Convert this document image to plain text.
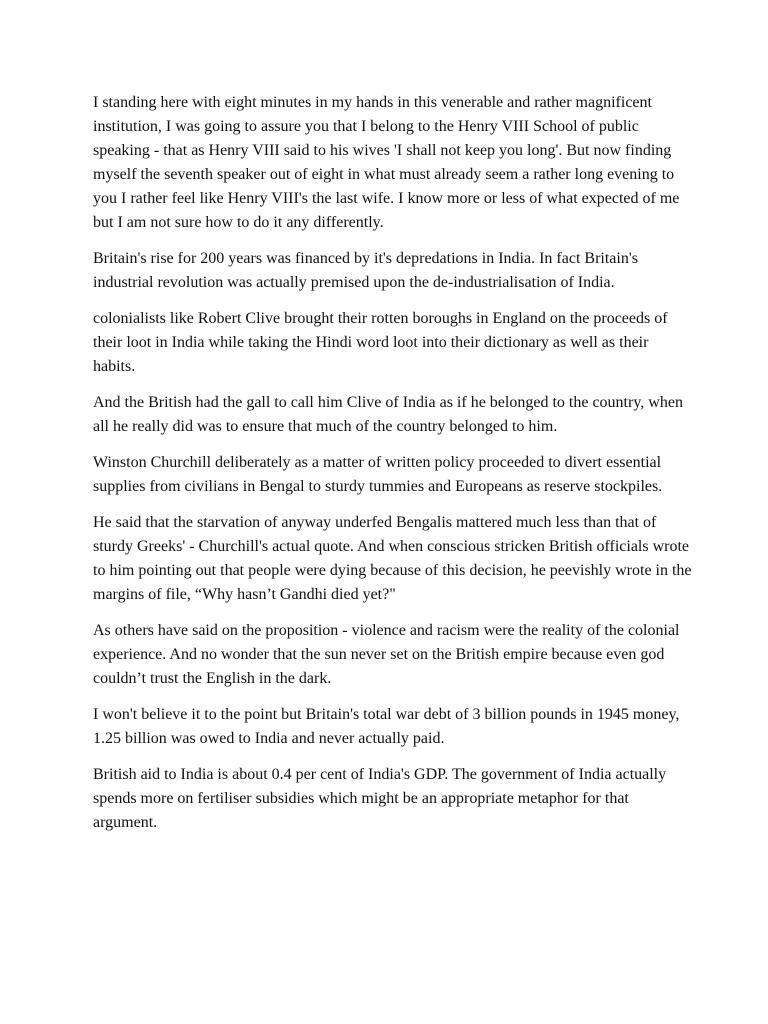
I standing here with eight minutes in my hands in this venerable and rather magnificent institution, I was going to assure you that I belong to the Henry VIII School of public speaking - that as Henry VIII said to his wives 'I shall not keep you long'. But now finding myself the seventh speaker out of eight in what must already seem a rather long evening to you I rather feel like Henry VIII's the last wife. I know more or less of what expected of me but I am not sure how to do it any differently.

Britain's rise for 200 years was financed by it's depredations in India. In fact Britain's industrial revolution was actually premised upon the de-industrialisation of India.

colonialists like Robert Clive brought their rotten boroughs in England on the proceeds of their loot in India while taking the Hindi word loot into their dictionary as well as their habits.

And the British had the gall to call him Clive of India as if he belonged to the country, when all he really did was to ensure that much of the country belonged to him.

Winston Churchill deliberately as a matter of written policy proceeded to divert essential supplies from civilians in Bengal to sturdy tummies and Europeans as reserve stockpiles.

He said that the starvation of anyway underfed Bengalis mattered much less than that of sturdy Greeks' - Churchill's actual quote. And when conscious stricken British officials wrote to him pointing out that people were dying because of this decision, he peevishly wrote in the margins of file, “Why hasn’t Gandhi died yet?"

As others have said on the proposition - violence and racism were the reality of the colonial experience. And no wonder that the sun never set on the British empire because even god couldn’t trust the English in the dark.

I won't believe it to the point but Britain's total war debt of 3 billion pounds in 1945 money, 1.25 billion was owed to India and never actually paid.

British aid to India is about 0.4 per cent of India's GDP. The government of India actually spends more on fertiliser subsidies which might be an appropriate metaphor for that argument.
